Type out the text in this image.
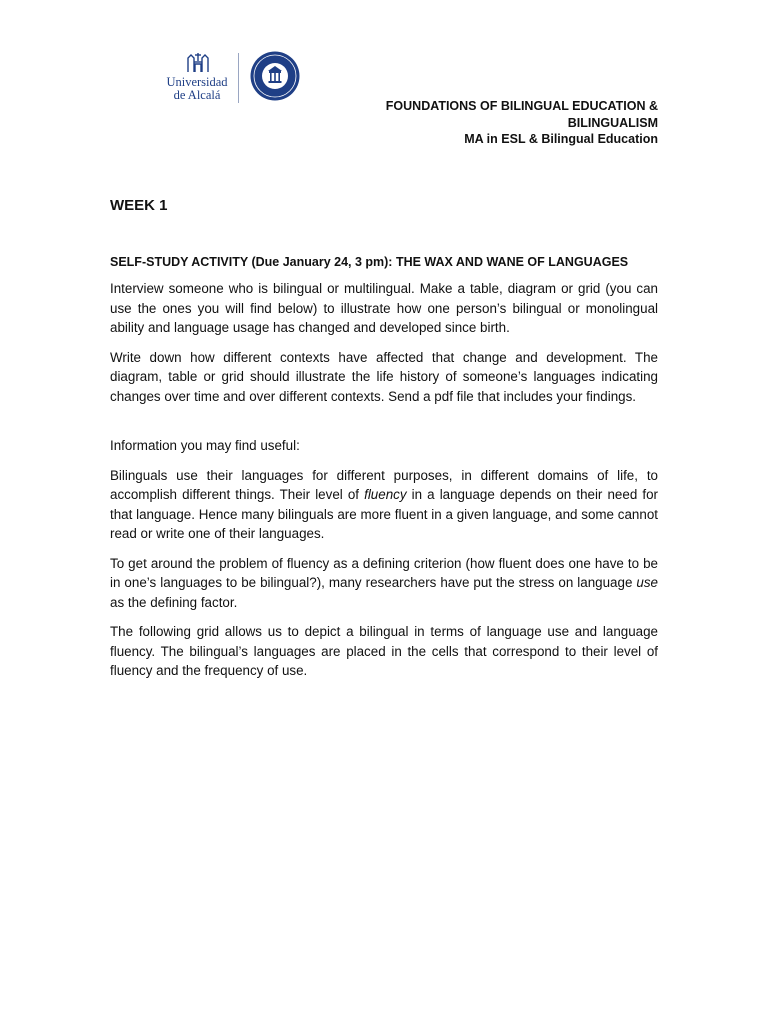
Universidad
de Alcalá
FOUNDATIONS OF BILINGUAL EDUCATION &
BILINGUALISM
MA in ESL & Bilingual Education
WEEK 1

SELF-STUDY ACTIVITY (Due January 24, 3 pm): THE WAX AND WANE OF LANGUAGES

Interview someone who is bilingual or multilingual. Make a table, diagram or grid (you can use the ones you will find below) to illustrate how one person’s bilingual or monolingual ability and language usage has changed and developed since birth.

Write down how different contexts have affected that change and development. The diagram, table or grid should illustrate the life history of someone’s languages indicating changes over time and over different contexts. Send a pdf file that includes your findings.

Information you may find useful:

Bilinguals use their languages for different purposes, in different domains of life, to accomplish different things. Their level of fluency in a language depends on their need for that language. Hence many bilinguals are more fluent in a given language, and some cannot read or write one of their languages.

To get around the problem of fluency as a defining criterion (how fluent does one have to be in one’s languages to be bilingual?), many researchers have put the stress on language use as the defining factor.

The following grid allows us to depict a bilingual in terms of language use and language fluency. The bilingual’s languages are placed in the cells that correspond to their level of fluency and the frequency of use.
